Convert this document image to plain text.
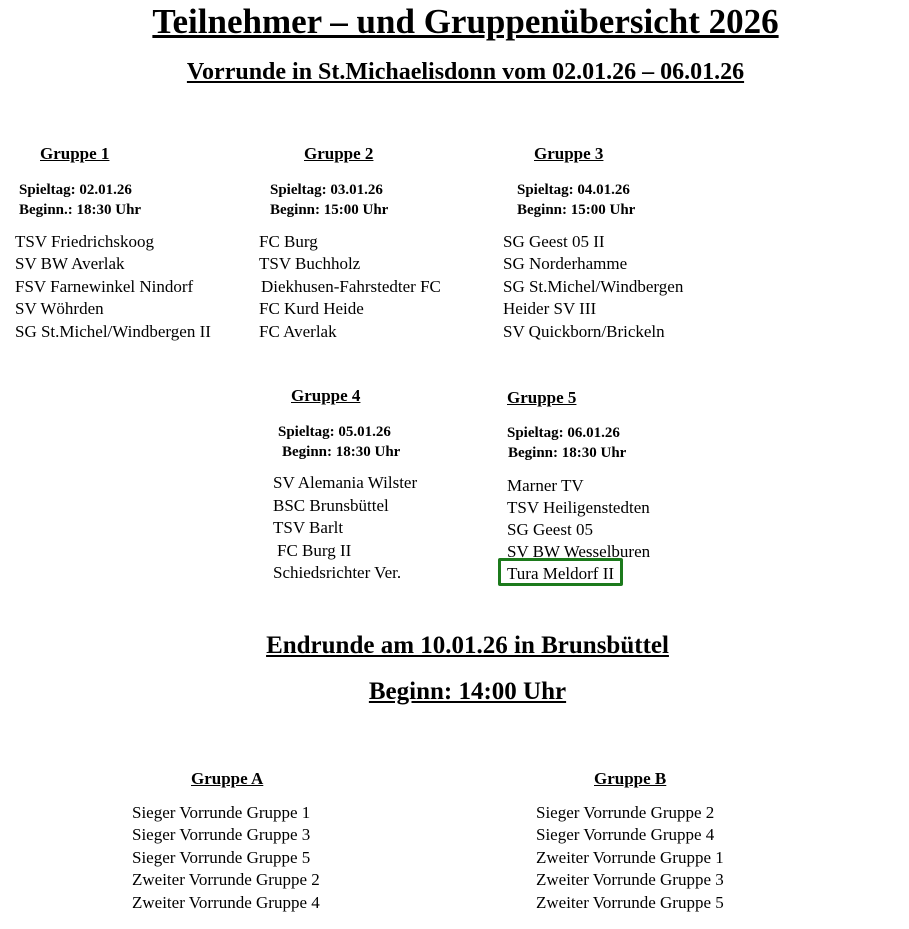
Teilnehmer – und Gruppenübersicht 2026
Vorrunde in St.Michaelisdonn vom 02.01.26 – 06.01.26
Gruppe 1
Spieltag: 02.01.26
Beginn.: 18:30 Uhr
TSV Friedrichskoog
SV BW Averlak
FSV Farnewinkel Nindorf
SV Wöhrden
SG St.Michel/Windbergen II
Gruppe 2
Spieltag: 03.01.26
Beginn: 15:00 Uhr
FC Burg
TSV Buchholz
Diekhusen-Fahrstedter FC
FC Kurd Heide
FC Averlak
Gruppe 3
Spieltag: 04.01.26
Beginn: 15:00 Uhr
SG Geest 05 II
SG Norderhamme
SG St.Michel/Windbergen
Heider SV III
SV Quickborn/Brickeln
Gruppe 4
Spieltag: 05.01.26
Beginn: 18:30 Uhr
SV Alemania Wilster
BSC Brunsbüttel
TSV Barlt
FC Burg II
Schiedsrichter Ver.
Gruppe 5
Spieltag: 06.01.26
Beginn: 18:30 Uhr
Marner TV
TSV Heiligenstedten
SG Geest 05
SV BW Wesselburen
Tura Meldorf II
Endrunde am 10.01.26 in Brunsbüttel
Beginn: 14:00 Uhr
Gruppe A
Sieger Vorrunde Gruppe 1
Sieger Vorrunde Gruppe 3
Sieger Vorrunde Gruppe 5
Zweiter Vorrunde Gruppe 2
Zweiter Vorrunde Gruppe 4
Gruppe B
Sieger Vorrunde Gruppe 2
Sieger Vorrunde Gruppe 4
Zweiter Vorrunde Gruppe 1
Zweiter Vorrunde Gruppe 3
Zweiter Vorrunde Gruppe 5
